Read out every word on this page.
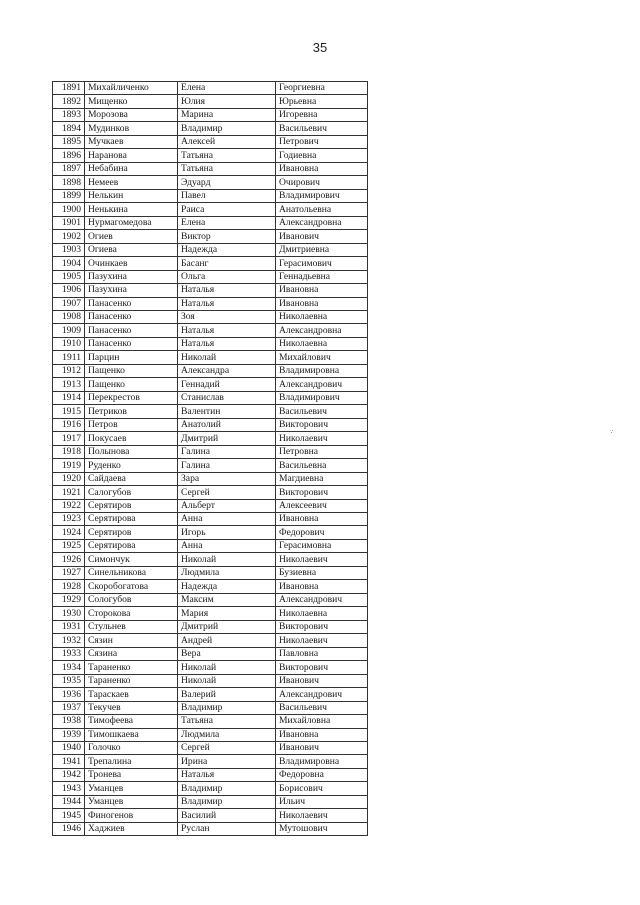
35
1891	Михайличенко	Елена	Георгиевна
1892	Мищенко	Юлия	Юрьевна
1893	Морозова	Марина	Игоревна
1894	Мудинков	Владимир	Васильевич
1895	Мучкаев	Алексей	Петрович
1896	Наранова	Татьяна	Годиевна
1897	Небабина	Татьяна	Ивановна
1898	Немеев	Эдуард	Очирович
1899	Нелькин	Павел	Владимирович
1900	Ненькина	Раиса	Анатольевна
1901	Нурмагомедова	Елена	Александровна
1902	Огиев	Виктор	Иванович
1903	Огиева	Надежда	Дмитриевна
1904	Очинкаев	Басанг	Герасимович
1905	Пазухина	Ольга	Геннадьевна
1906	Пазухина	Наталья	Ивановна
1907	Панасенко	Наталья	Ивановна
1908	Панасенко	Зоя	Николаевна
1909	Панасенко	Наталья	Александровна
1910	Панасенко	Наталья	Николаевна
1911	Парцин	Николай	Михайлович
1912	Пащенко	Александра	Владимировна
1913	Пащенко	Геннадий	Александрович
1914	Перекрестов	Станислав	Владимирович
1915	Петриков	Валентин	Васильевич
1916	Петров	Анатолий	Викторович
1917	Покусаев	Дмитрий	Николаевич
1918	Полынова	Галина	Петровна
1919	Руденко	Галина	Васильевна
1920	Сайдаева	Зара	Магдиевна
1921	Салогубов	Сергей	Викторович
1922	Серятиров	Альберт	Алексеевич
1923	Серятирова	Анна	Ивановна
1924	Серятиров	Игорь	Федорович
1925	Серятирова	Анна	Герасимовна
1926	Симончук	Николай	Николаевич
1927	Синельникова	Людмила	Бузиевна
1928	Скоробогатова	Надежда	Ивановна
1929	Сологубов	Максим	Александрович
1930	Сторокова	Мария	Николаевна
1931	Стульнев	Дмитрий	Викторович
1932	Сязин	Андрей	Николаевич
1933	Сязина	Вера	Павловна
1934	Тараненко	Николай	Викторович
1935	Тараненко	Николай	Иванович
1936	Тараскаев	Валерий	Александрович
1937	Текучев	Владимир	Васильевич
1938	Тимофеева	Татьяна	Михайловна
1939	Тимошкаева	Людмила	Ивановна
1940	Голочко	Сергей	Иванович
1941	Трепалина	Ирина	Владимировна
1942	Тронева	Наталья	Федоровна
1943	Уманцев	Владимир	Борисович
1944	Уманцев	Владимир	Ильич
1945	Финогенов	Василий	Николаевич
1946	Хаджиев	Руслан	Мутошович
